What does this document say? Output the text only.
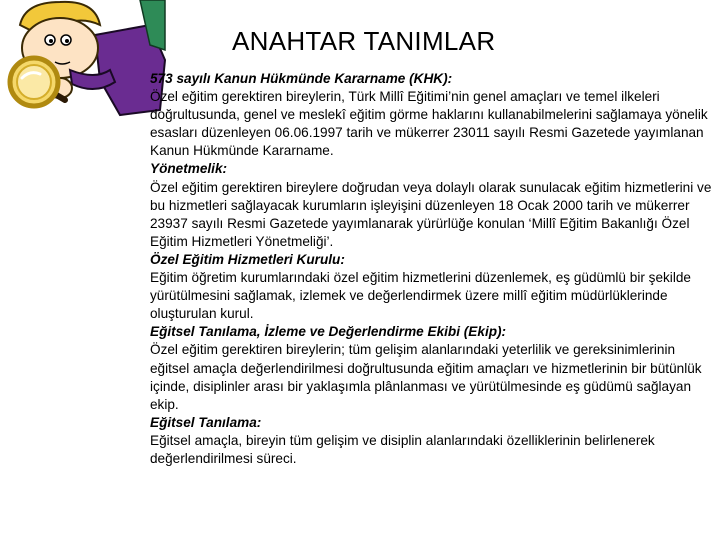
ANAHTAR TANIMLAR

573 sayılı Kanun Hükmünde Kararname (KHK):

Özel eğitim gerektiren bireylerin, Türk Millî Eğitimi’nin genel amaçları ve temel ilkeleri doğrultusunda, genel ve meslekî eğitim görme haklarını kullanabilmelerini sağlamaya yönelik esasları düzenleyen 06.06.1997 tarih ve mükerrer 23011 sayılı Resmi Gazetede yayımlanan Kanun Hükmünde Kararname.

Yönetmelik:

Özel eğitim gerektiren bireylere doğrudan veya dolaylı olarak sunulacak eğitim hizmetlerini ve bu hizmetleri sağlayacak kurumların işleyişini düzenleyen 18 Ocak 2000 tarih ve mükerrer 23937 sayılı Resmi Gazetede yayımlanarak yürürlüğe konulan ‘Millî Eğitim Bakanlığı Özel Eğitim Hizmetleri Yönetmeliği’.

Özel Eğitim Hizmetleri Kurulu:

Eğitim öğretim kurumlarındaki özel eğitim hizmetlerini düzenlemek, eş güdümlü bir şekilde yürütülmesini sağlamak, izlemek ve değerlendirmek üzere millî eğitim müdürlüklerinde oluşturulan kurul.

Eğitsel Tanılama, İzleme ve Değerlendirme Ekibi (Ekip):

Özel eğitim gerektiren bireylerin; tüm gelişim alanlarındaki yeterlilik ve gereksinimlerinin eğitsel amaçla değerlendirilmesi doğrultusunda eğitim amaçları ve hizmetlerinin bir bütünlük içinde, disiplinler arası bir yaklaşımla plânlanması ve yürütülmesinde eş güdümü sağlayan ekip.

Eğitsel Tanılama:

Eğitsel amaçla, bireyin tüm gelişim ve disiplin alanlarındaki özelliklerinin belirlenerek değerlendirilmesi süreci.
